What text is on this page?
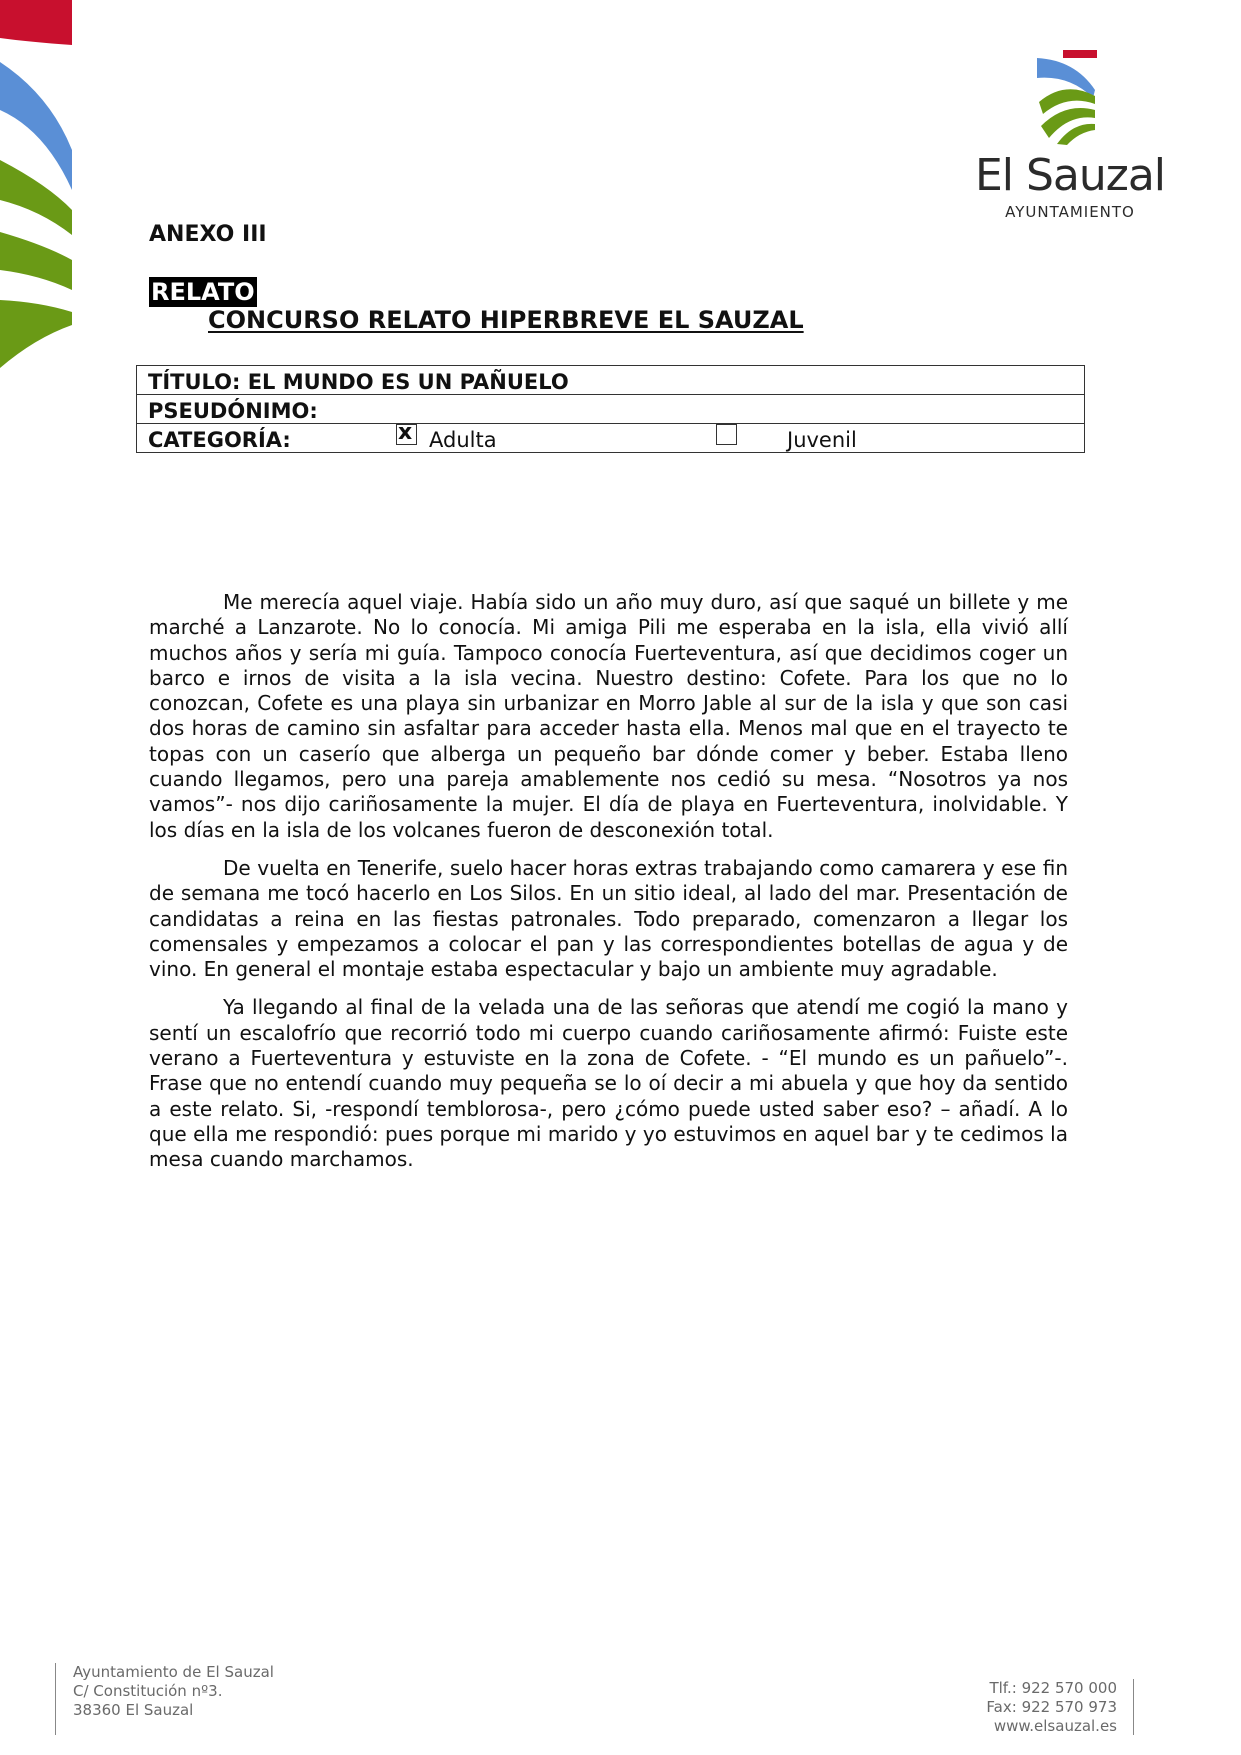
El Sauzal
AYUNTAMIENTO
ANEXO III
RELATO
CONCURSO RELATO HIPERBREVE EL SAUZAL
TÍTULO: EL MUNDO ES UN PAÑUELO
PSEUDÓNIMO:
CATEGORÍA:	x Adulta	Juvenil

Me merecía aquel viaje. Había sido un año muy duro, así que saqué un billete y me marché a Lanzarote. No lo conocía. Mi amiga Pili me esperaba en la isla, ella vivió allí muchos años y sería mi guía. Tampoco conocía Fuerteventura, así que decidimos coger un barco e irnos de visita a la isla vecina. Nuestro destino: Cofete. Para los que no lo conozcan, Cofete es una playa sin urbanizar en Morro Jable al sur de la isla y que son casi dos horas de camino sin asfaltar para acceder hasta ella. Menos mal que en el trayecto te topas con un caserío que alberga un pequeño bar dónde comer y beber. Estaba lleno cuando llegamos, pero una pareja amablemente nos cedió su mesa. “Nosotros ya nos vamos”- nos dijo cariñosamente la mujer. El día de playa en Fuerteventura, inolvidable. Y los días en la isla de los volcanes fueron de desconexión total.

De vuelta en Tenerife, suelo hacer horas extras trabajando como camarera y ese fin de semana me tocó hacerlo en Los Silos. En un sitio ideal, al lado del mar. Presentación de candidatas a reina en las fiestas patronales. Todo preparado, comenzaron a llegar los comensales y empezamos a colocar el pan y las correspondientes botellas de agua y de vino. En general el montaje estaba espectacular y bajo un ambiente muy agradable.

Ya llegando al final de la velada una de las señoras que atendí me cogió la mano y sentí un escalofrío que recorrió todo mi cuerpo cuando cariñosamente afirmó: Fuiste este verano a Fuerteventura y estuviste en la zona de Cofete. - “El mundo es un pañuelo”-. Frase que no entendí cuando muy pequeña se lo oí decir a mi abuela y que hoy da sentido a este relato. Si, -respondí temblorosa-, pero ¿cómo puede usted saber eso? – añadí. A lo que ella me respondió: pues porque mi marido y yo estuvimos en aquel bar y te cedimos la mesa cuando marchamos.

Ayuntamiento de El Sauzal
C/ Constitución nº3.
38360 El Sauzal
Tlf.: 922 570 000
Fax: 922 570 973
www.elsauzal.es
